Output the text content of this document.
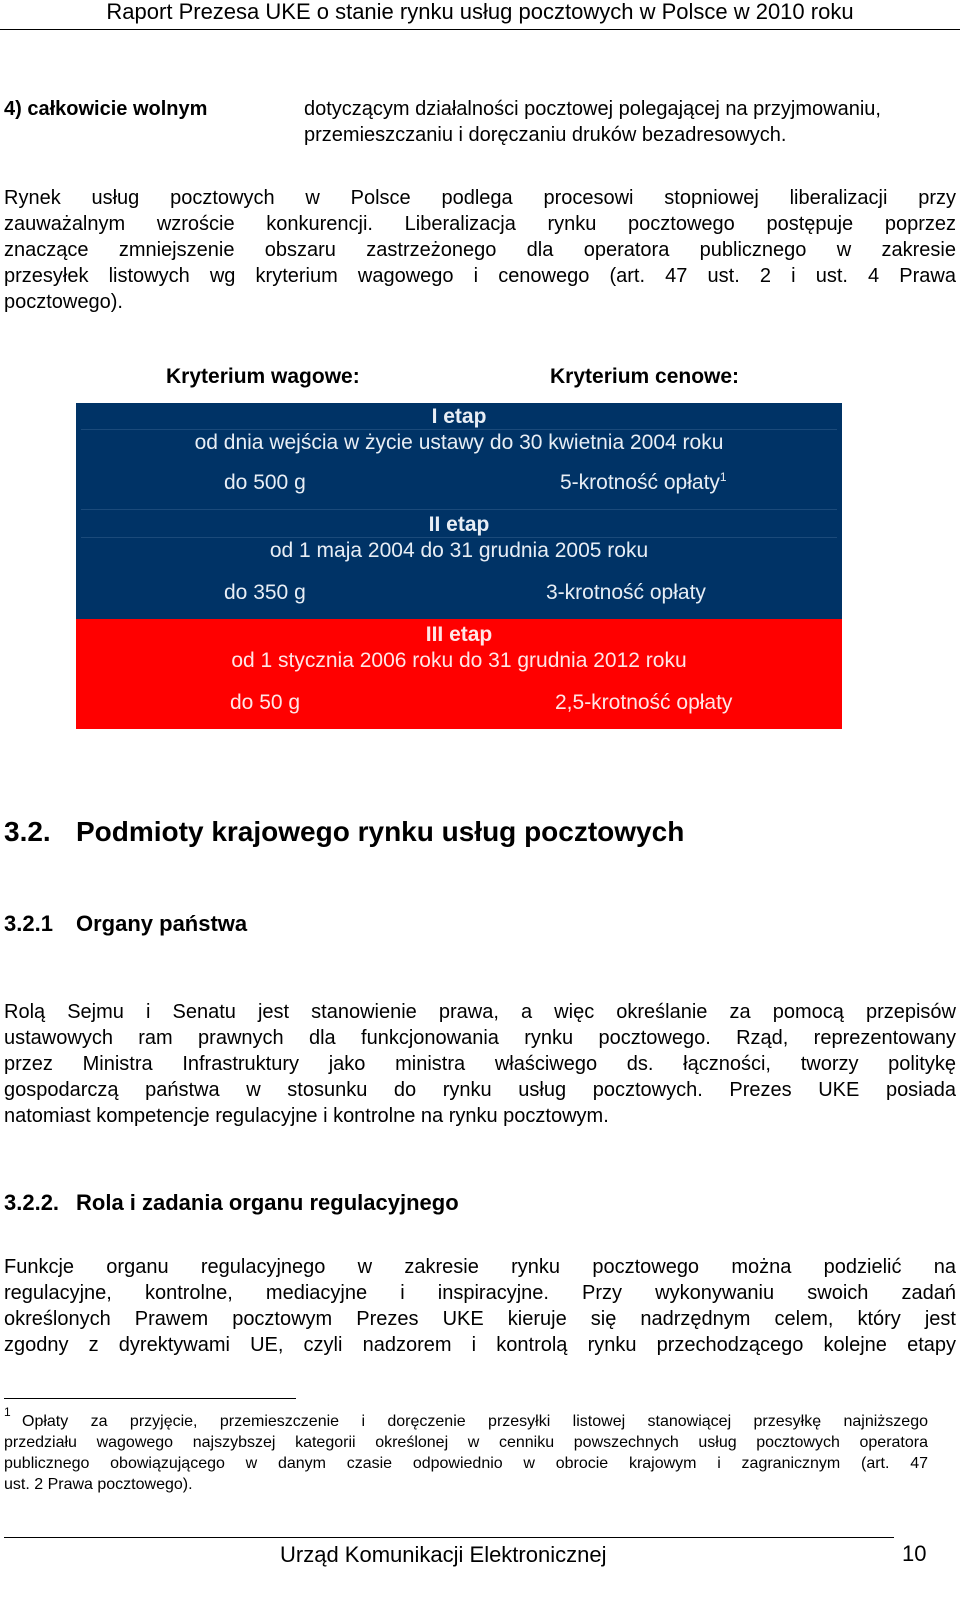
Raport Prezesa UKE o stanie rynku usług pocztowych w Polsce w 2010 roku
4) całkowicie wolnym	dotyczącym działalności pocztowej polegającej na przyjmowaniu,
przemieszczaniu i doręczaniu druków bezadresowych.
Rynek usług pocztowych w Polsce podlega procesowi stopniowej liberalizacji przy
zauważalnym wzroście konkurencji. Liberalizacja rynku pocztowego postępuje poprzez
znaczące zmniejszenie obszaru zastrzeżonego dla operatora publicznego w zakresie
przesyłek listowych wg kryterium wagowego i cenowego (art. 47 ust. 2 i ust. 4 Prawa
pocztowego).
Kryterium wagowe:	Kryterium cenowe:
I etap
od dnia wejścia w życie ustawy do 30 kwietnia 2004 roku
do 500 g	5-krotność opłaty$^1$
II etap
od 1 maja 2004 do 31 grudnia 2005 roku
do 350 g	3-krotność opłaty
III etap
od 1 stycznia 2006 roku do 31 grudnia 2012 roku
do 50 g	2,5-krotność opłaty
3.2. Podmioty krajowego rynku usług pocztowych
3.2.1 Organy państwa
Rolą Sejmu i Senatu jest stanowienie prawa, a więc określanie za pomocą przepisów
ustawowych ram prawnych dla funkcjonowania rynku pocztowego. Rząd, reprezentowany
przez Ministra Infrastruktury jako ministra właściwego ds. łączności, tworzy politykę
gospodarczą państwa w stosunku do rynku usług pocztowych. Prezes UKE posiada
natomiast kompetencje regulacyjne i kontrolne na rynku pocztowym.
3.2.2. Rola i zadania organu regulacyjnego
Funkcje organu regulacyjnego w zakresie rynku pocztowego można podzielić na
regulacyjne, kontrolne, mediacyjne i inspiracyjne. Przy wykonywaniu swoich zadań
określonych Prawem pocztowym Prezes UKE kieruje się nadrzędnym celem, który jest
zgodny z dyrektywami UE, czyli nadzorem i kontrolą rynku przechodzącego kolejne etapy
1
Opłaty za przyjęcie, przemieszczenie i doręczenie przesyłki listowej stanowiącej przesyłkę najniższego
przedziału wagowego najszybszej kategorii określonej w cenniku powszechnych usług pocztowych operatora
publicznego obowiązującego w danym czasie odpowiednio w obrocie krajowym i zagranicznym (art. 47
ust. 2 Prawa pocztowego).
Urząd Komunikacji Elektronicznej	10
